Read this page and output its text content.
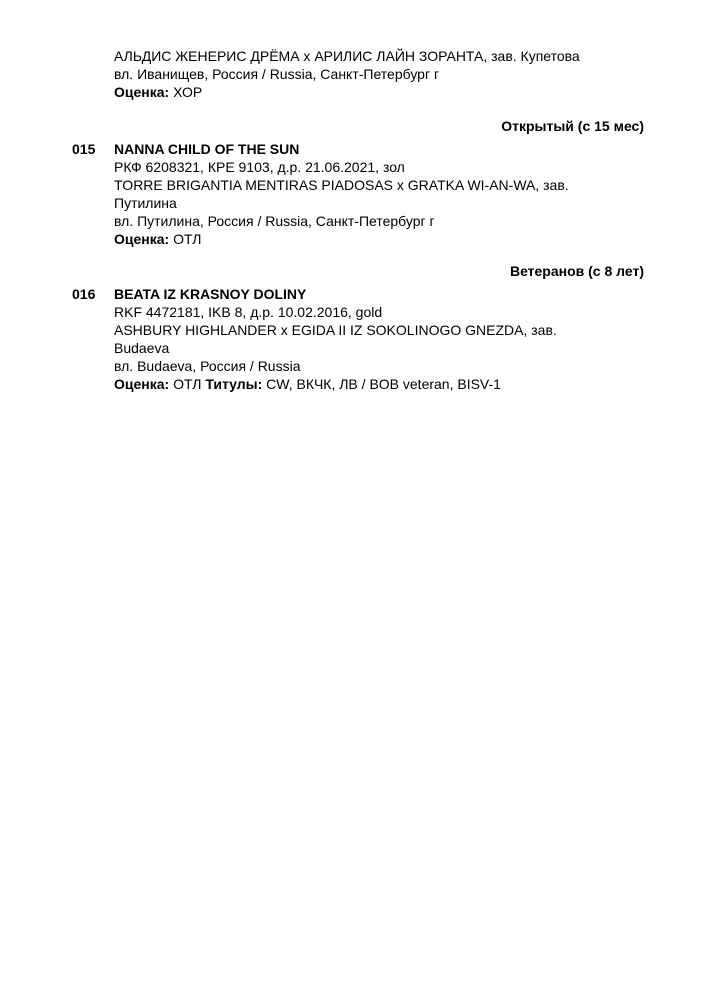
АЛЬДИС ЖЕНЕРИС ДРЁМА х АРИЛИС ЛАЙН ЗОРАНТА, зав. Купетова
вл. Иванищев, Россия / Russia, Санкт-Петербург г
Оценка: ХОР
Открытый (с 15 мес)
015 NANNA CHILD OF THE SUN
РКФ 6208321, КРЕ 9103, д.р. 21.06.2021, зол
TORRE BRIGANTIA MENTIRAS PIADOSAS x GRATKA WI-AN-WA, зав. Путилина
вл. Путилина, Россия / Russia, Санкт-Петербург г
Оценка: ОТЛ
Ветеранов (с 8 лет)
016 BEATA IZ KRASNOY DOLINY
RKF 4472181, IKB 8, д.р. 10.02.2016, gold
ASHBURY HIGHLANDER x EGIDA II IZ SOKOLINOGO GNEZDA, зав. Budaeva
вл. Budaeva, Россия / Russia
Оценка: ОТЛ Титулы: CW, ВКЧК, ЛВ / BOB veteran, BISV-1
